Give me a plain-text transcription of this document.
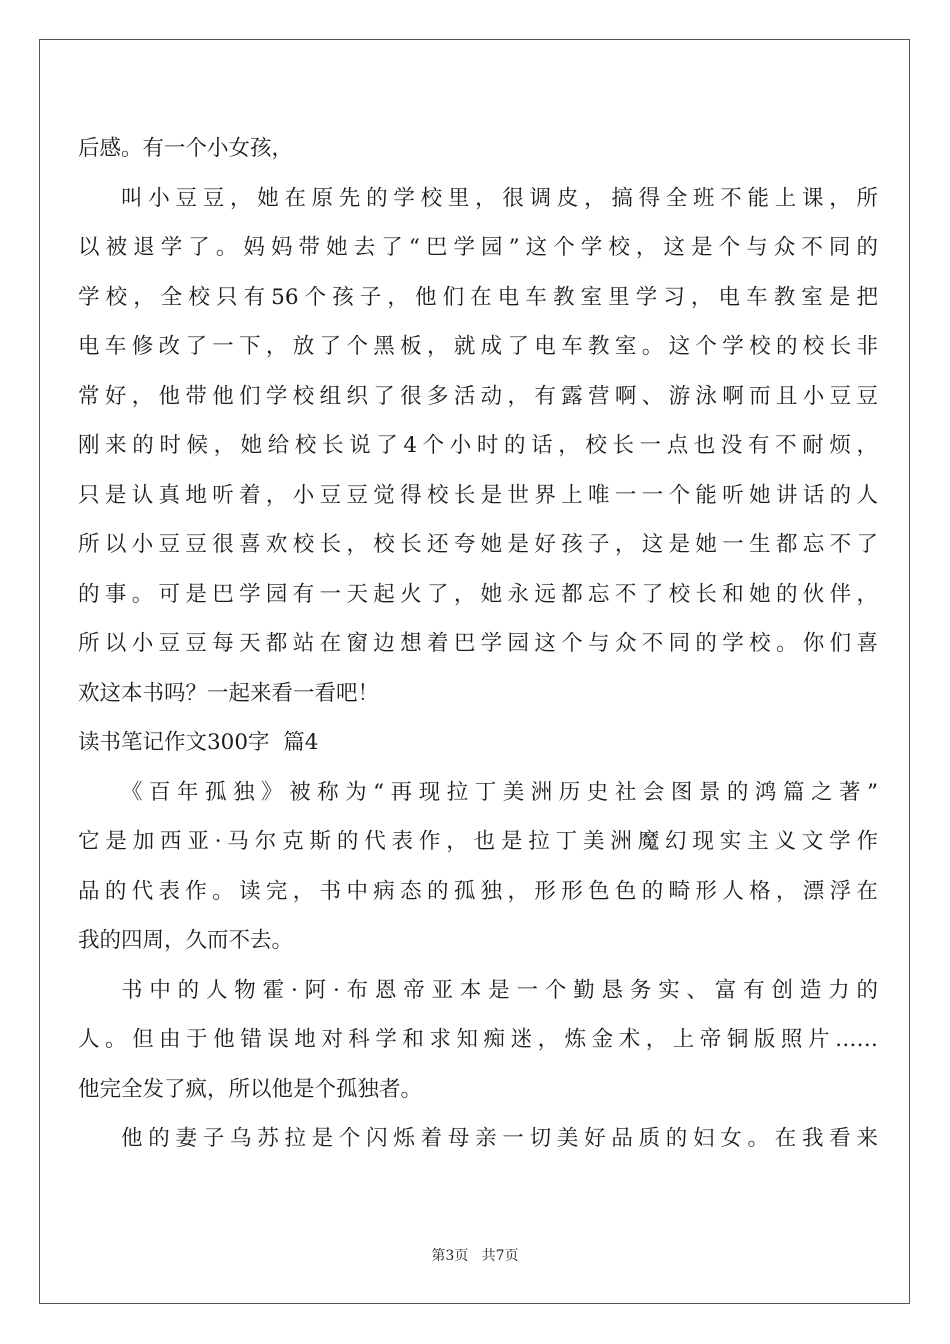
后感。有一个小女孩，
叫小豆豆，她在原先的学校里，很调皮，搞得全班不能上课，所
以被退学了。妈妈带她去了“巴学园”这个学校，这是个与众不同的
学校，全校只有56个孩子，他们在电车教室里学习，电车教室是把
电车修改了一下，放了个黑板，就成了电车教室。这个学校的校长非
常好，他带他们学校组织了很多活动，有露营啊、游泳啊而且小豆豆
刚来的时候，她给校长说了4个小时的话，校长一点也没有不耐烦，
只是认真地听着，小豆豆觉得校长是世界上唯一一个能听她讲话的人
所以小豆豆很喜欢校长，校长还夸她是好孩子，这是她一生都忘不了
的事。可是巴学园有一天起火了，她永远都忘不了校长和她的伙伴，
所以小豆豆每天都站在窗边想着巴学园这个与众不同的学校。你们喜
欢这本书吗？一起来看一看吧！
读书笔记作文300字  篇4
《百年孤独》被称为“再现拉丁美洲历史社会图景的鸿篇之著”
它是加西亚·马尔克斯的代表作，也是拉丁美洲魔幻现实主义文学作
品的代表作。读完，书中病态的孤独，形形色色的畸形人格，漂浮在
我的四周，久而不去。
书中的人物霍·阿·布恩帝亚本是一个勤恳务实、富有创造力的
人。但由于他错误地对科学和求知痴迷，炼金术，上帝铜版照片……
他完全发了疯，所以他是个孤独者。
他的妻子乌苏拉是个闪烁着母亲一切美好品质的妇女。在我看来
第3页   共7页
